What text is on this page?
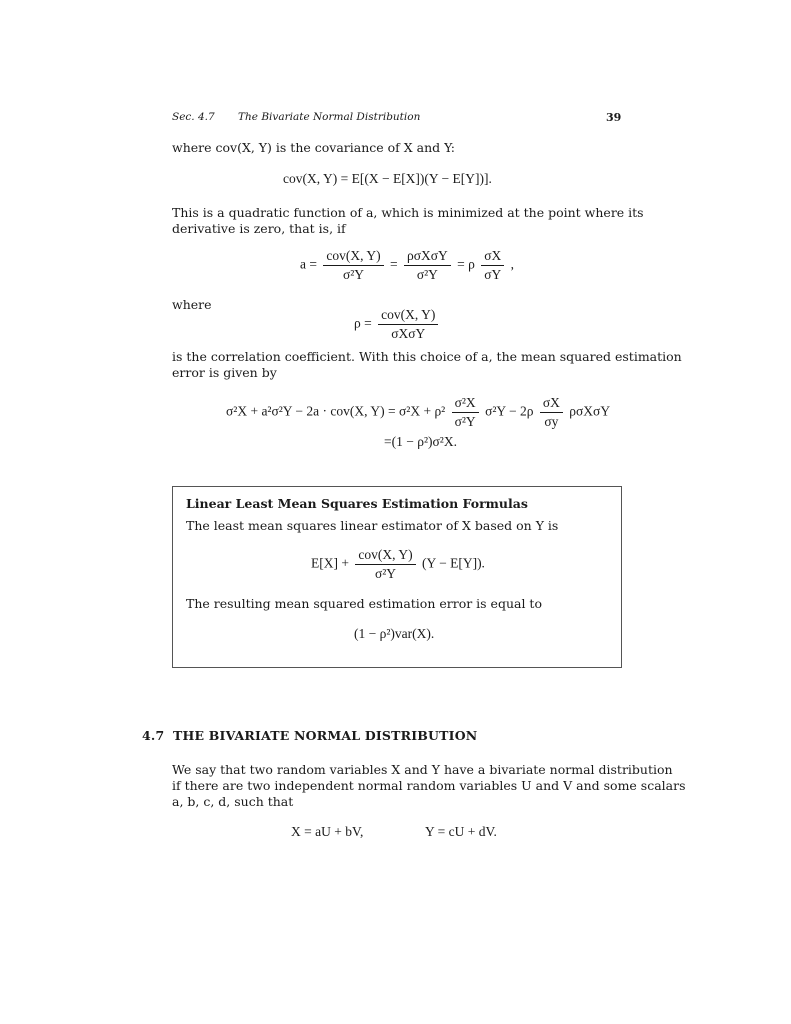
Sec. 4.7 The Bivariate Normal Distribution	39
where cov(X, Y) is the covariance of X and Y:
cov(X, Y) = E[(X − E[X])(Y − E[Y])].
This is a quadratic function of a, which is minimized at the point where its
derivative is zero, that is, if
$a = \frac{\text{cov(X, Y)}}{\text{σ²Y}} = \frac{\text{ρσXσY}}{\text{σ²Y}} = \rho \frac{\sigma X}{\sigma Y}$ ,
where
$\rho = \frac{\text{cov(X, Y)}}{\text{σXσY}}$
is the correlation coefficient. With this choice of a, the mean squared estimation
error is given by
σ²X + a²σ²Y − 2a · cov(X, $Y) = \sigma^2X + \rho^2 \frac{\text{σ²X}}{\text{σ²Y}} \sigma^2Y - 2\rho \frac{\sigma X}{\sigma y}$ ρσXσY
=(1 − ρ²)σ²X.
Linear Least Mean Squares Estimation Formulas
The least mean squares linear estimator of X based on Y is
$E[X] + \frac{\text{cov(X, Y)}}{\text{σ²Y}} (Y - E[Y])$.
The resulting mean squared estimation error is equal to
(1 − ρ²)var(X).
4.7 THE BIVARIATE NORMAL DISTRIBUTION
We say that two random variables X and Y have a bivariate normal distribution
if there are two independent normal random variables U and V and some scalars
a, b, c, d, such that
X = aU + bV,	Y = cU + dV.
